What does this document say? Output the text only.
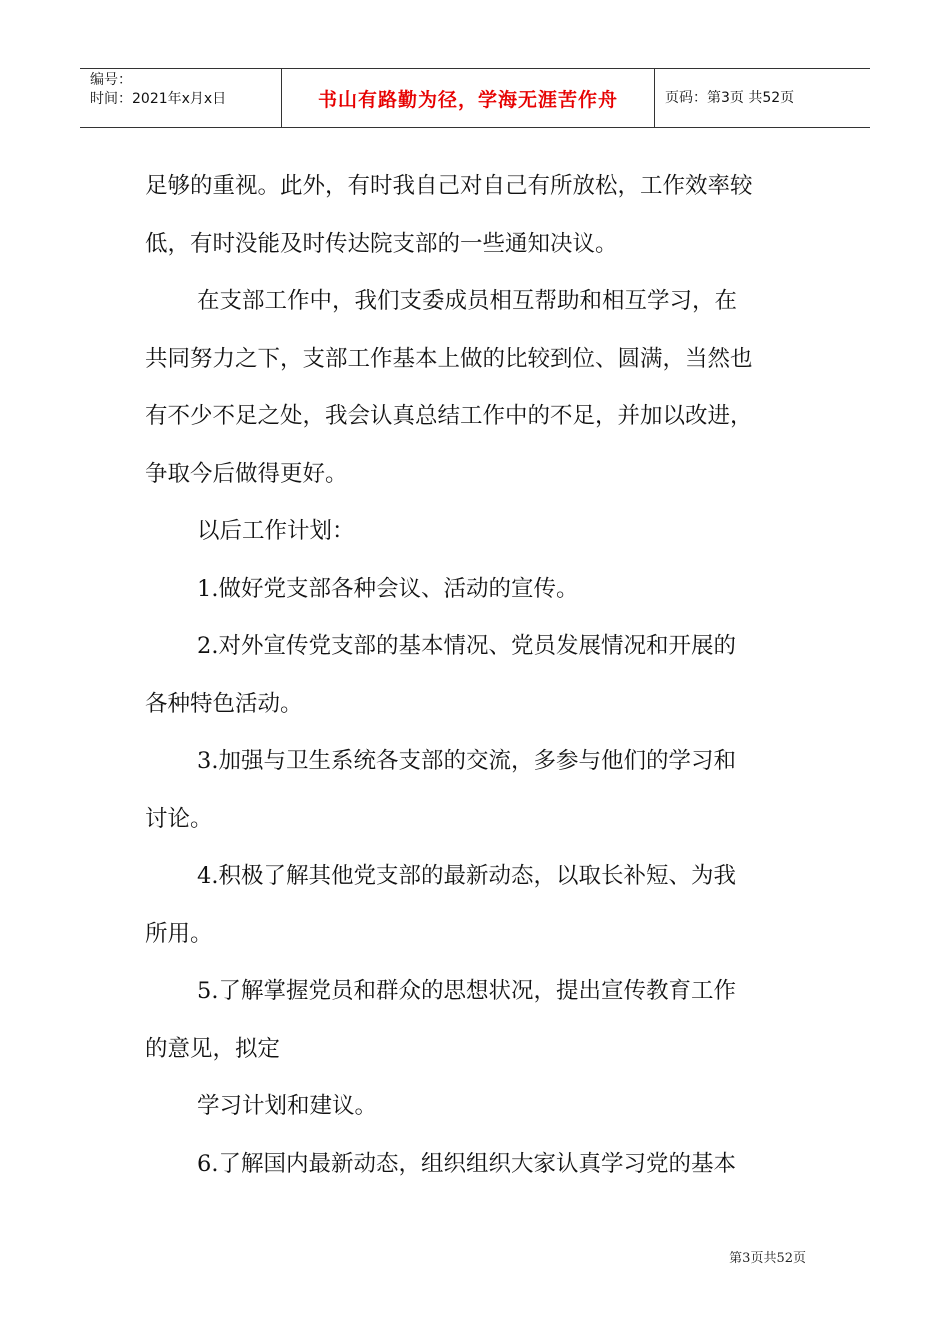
编号：
时间：2021年x月x日	书山有路勤为径，学海无涯苦作舟	页码：第3页 共52页

足够的重视。此外，有时我自己对自己有所放松，工作效率较

低，有时没能及时传达院支部的一些通知决议。

在支部工作中，我们支委成员相互帮助和相互学习，在

共同努力之下，支部工作基本上做的比较到位、圆满，当然也

有不少不足之处，我会认真总结工作中的不足，并加以改进，

争取今后做得更好。

以后工作计划：

1.做好党支部各种会议、活动的宣传。

2.对外宣传党支部的基本情况、党员发展情况和开展的

各种特色活动。

3.加强与卫生系统各支部的交流，多参与他们的学习和

讨论。

4.积极了解其他党支部的最新动态，以取长补短、为我

所用。

5.了解掌握党员和群众的思想状况，提出宣传教育工作

的意见，拟定

学习计划和建议。

6.了解国内最新动态，组织组织大家认真学习党的基本

第3页共52页
